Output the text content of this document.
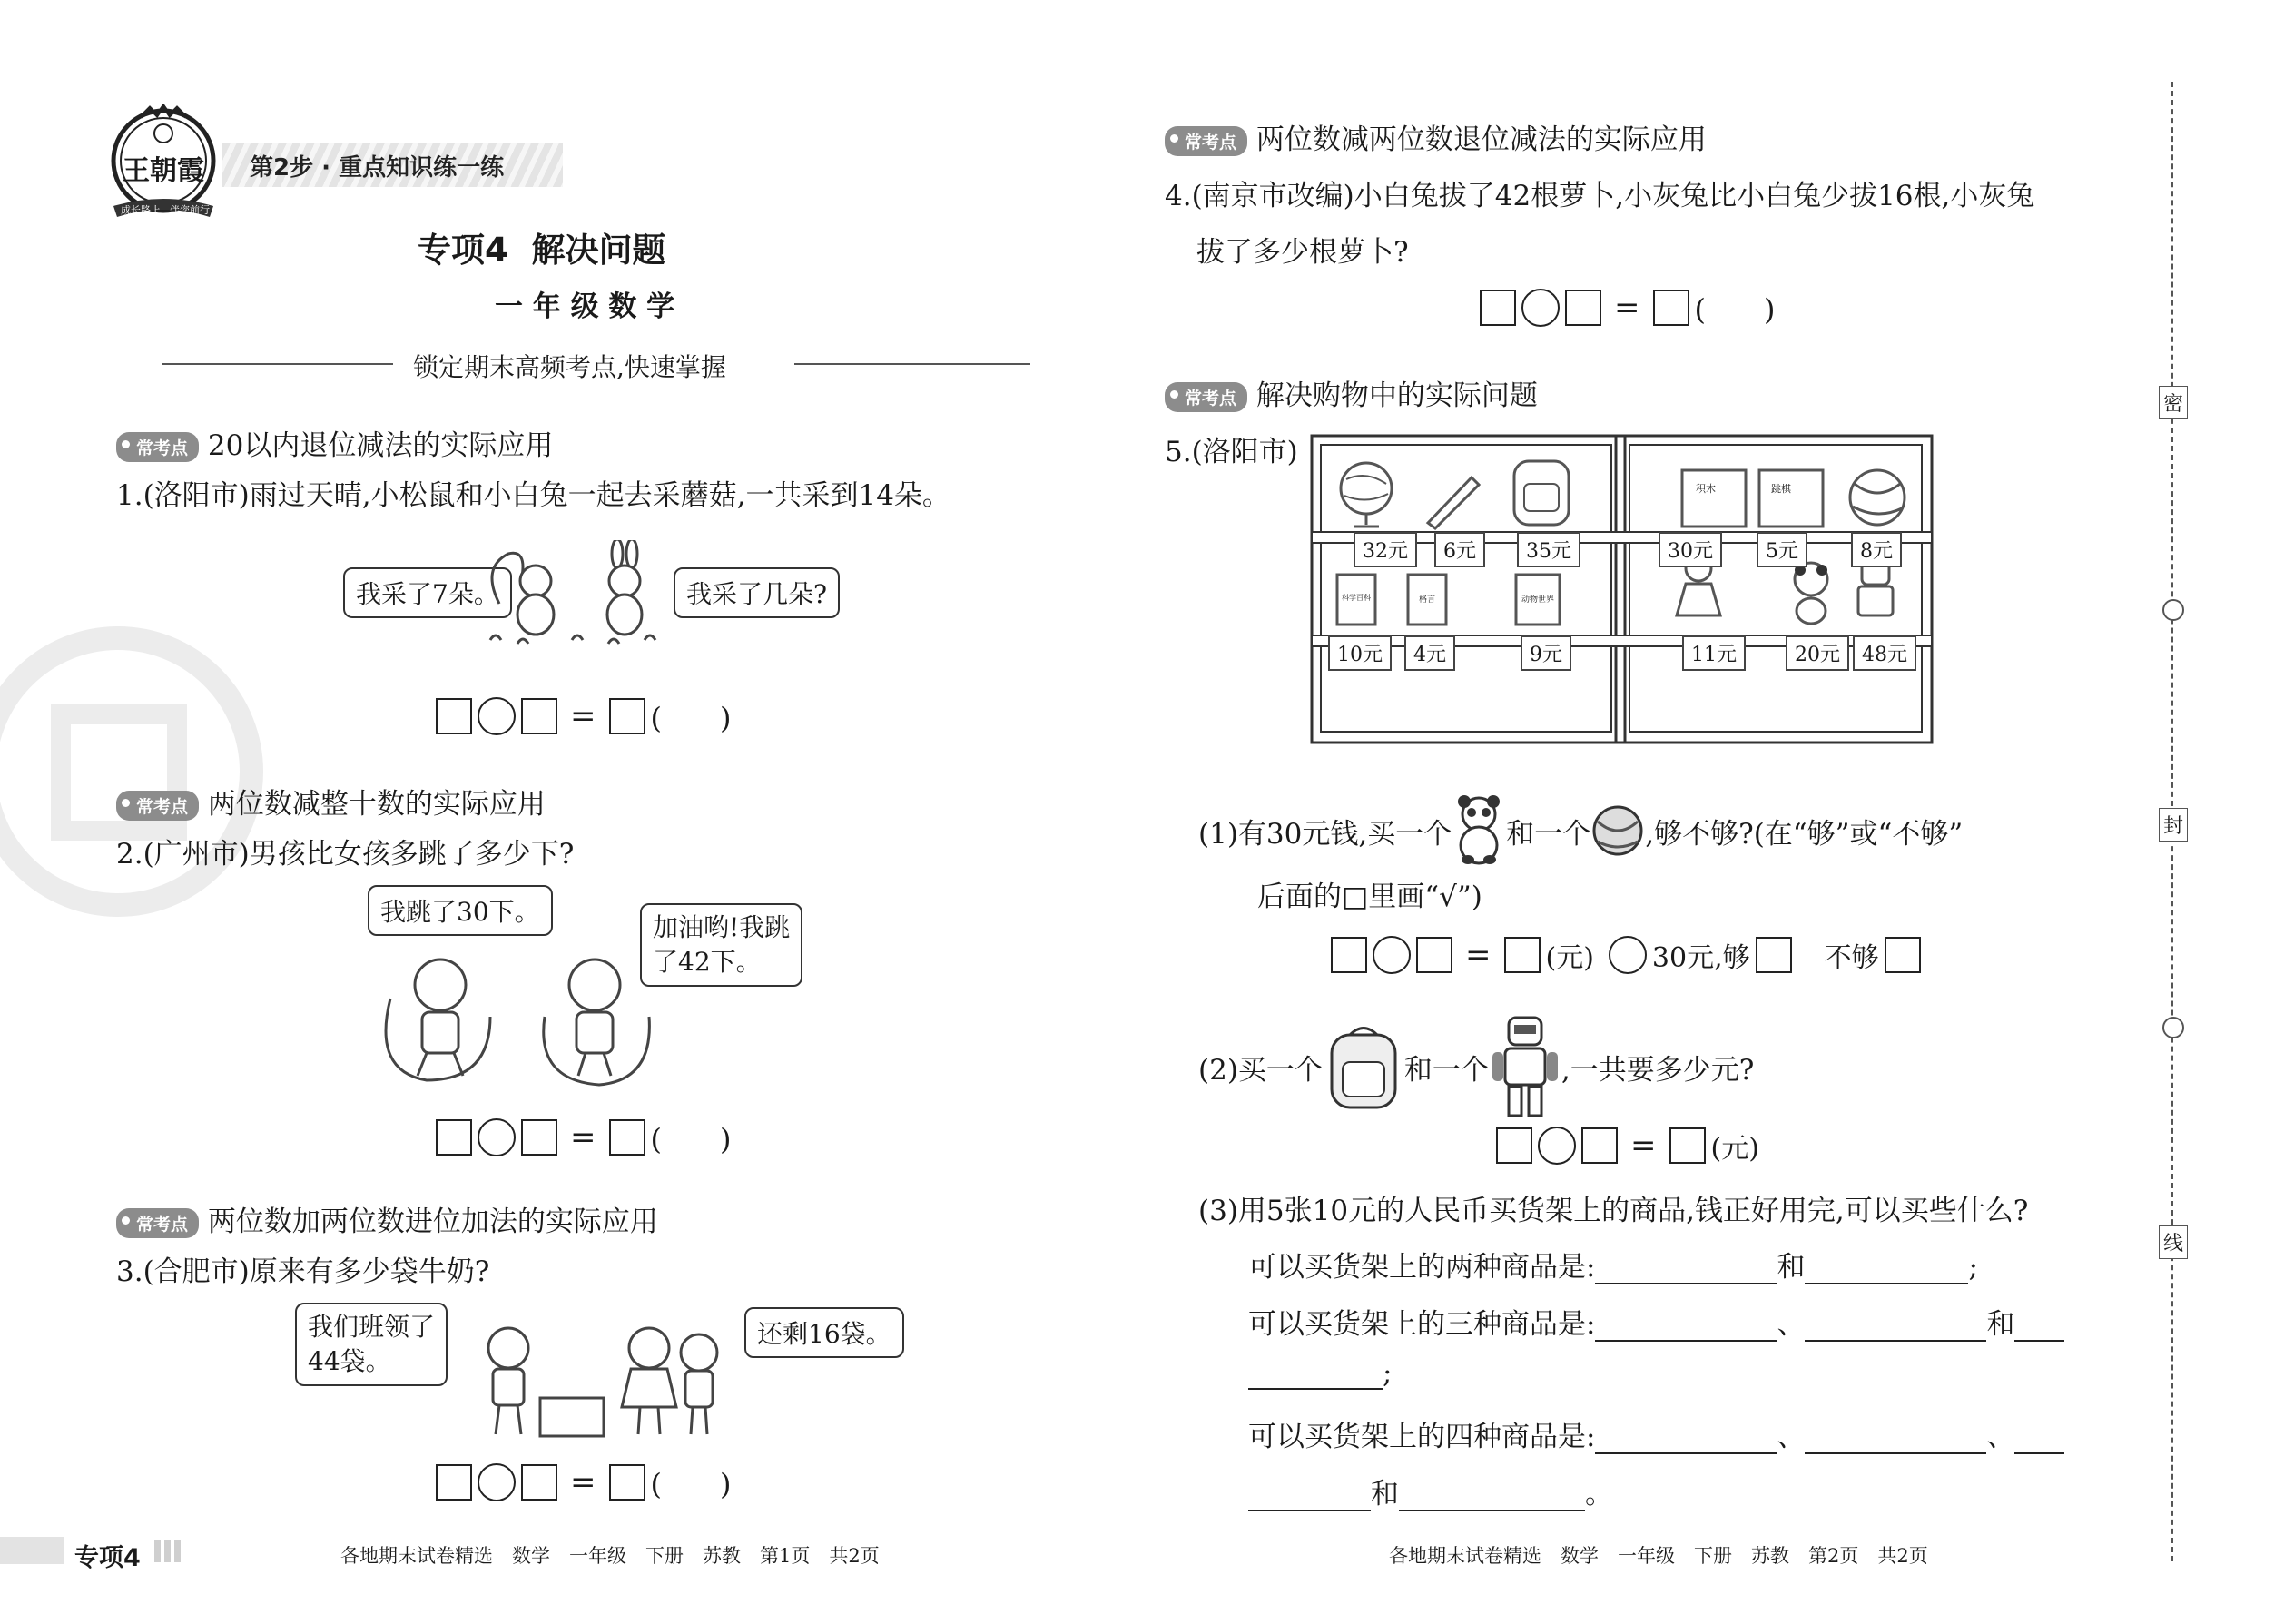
王朝霞
成长路上 伴您前行
第2步 · 重点知识练一练
专项4  解决问题
一 年 级 数 学
锁定期末高频考点,快速掌握
常考点 20以内退位减法的实际应用
1.(洛阳市)雨过天晴,小松鼠和小白兔一起去采蘑菇,一共采到14朵。
我采了7朵。	我采了几朵?
= (　　)
常考点 两位数减整十数的实际应用
2.(广州市)男孩比女孩多跳了多少下?
我跳了30下。
加油哟!我跳
了42下。
= (　　)
常考点 两位数加两位数进位加法的实际应用
3.(合肥市)原来有多少袋牛奶?
我们班领了
44袋。
还剩16袋。
= (　　)
专项4	各地期末试卷精选　数学　一年级　下册　苏教　第1页　共2页
常考点 两位数减两位数退位减法的实际应用
4.(南京市改编)小白兔拔了42根萝卜,小灰兔比小白兔少拔16根,小灰兔
拔了多少根萝卜?
= (　　)
常考点 解决购物中的实际问题
5.(洛阳市)
32元	6元	35元
10元	4元	9元
30元	5元	8元
11元	20元	48元
科学百科	格言	动物世界
积木	跳棋
(1)有30元钱,买一个 和一个 ,够不够?(在“够”或“不够”
后面的□里画“√”)
= (元) 30元,够	不够
(2)买一个	和一个	,一共要多少元?
= (元)
(3)用5张10元的人民币买货架上的商品,钱正好用完,可以买些什么?
可以买货架上的两种商品是:	和	;
可以买货架上的三种商品是:	、	和
;
可以买货架上的四种商品是:	、	、
和	。
各地期末试卷精选　数学　一年级　下册　苏教　第2页　共2页
密
封
线
